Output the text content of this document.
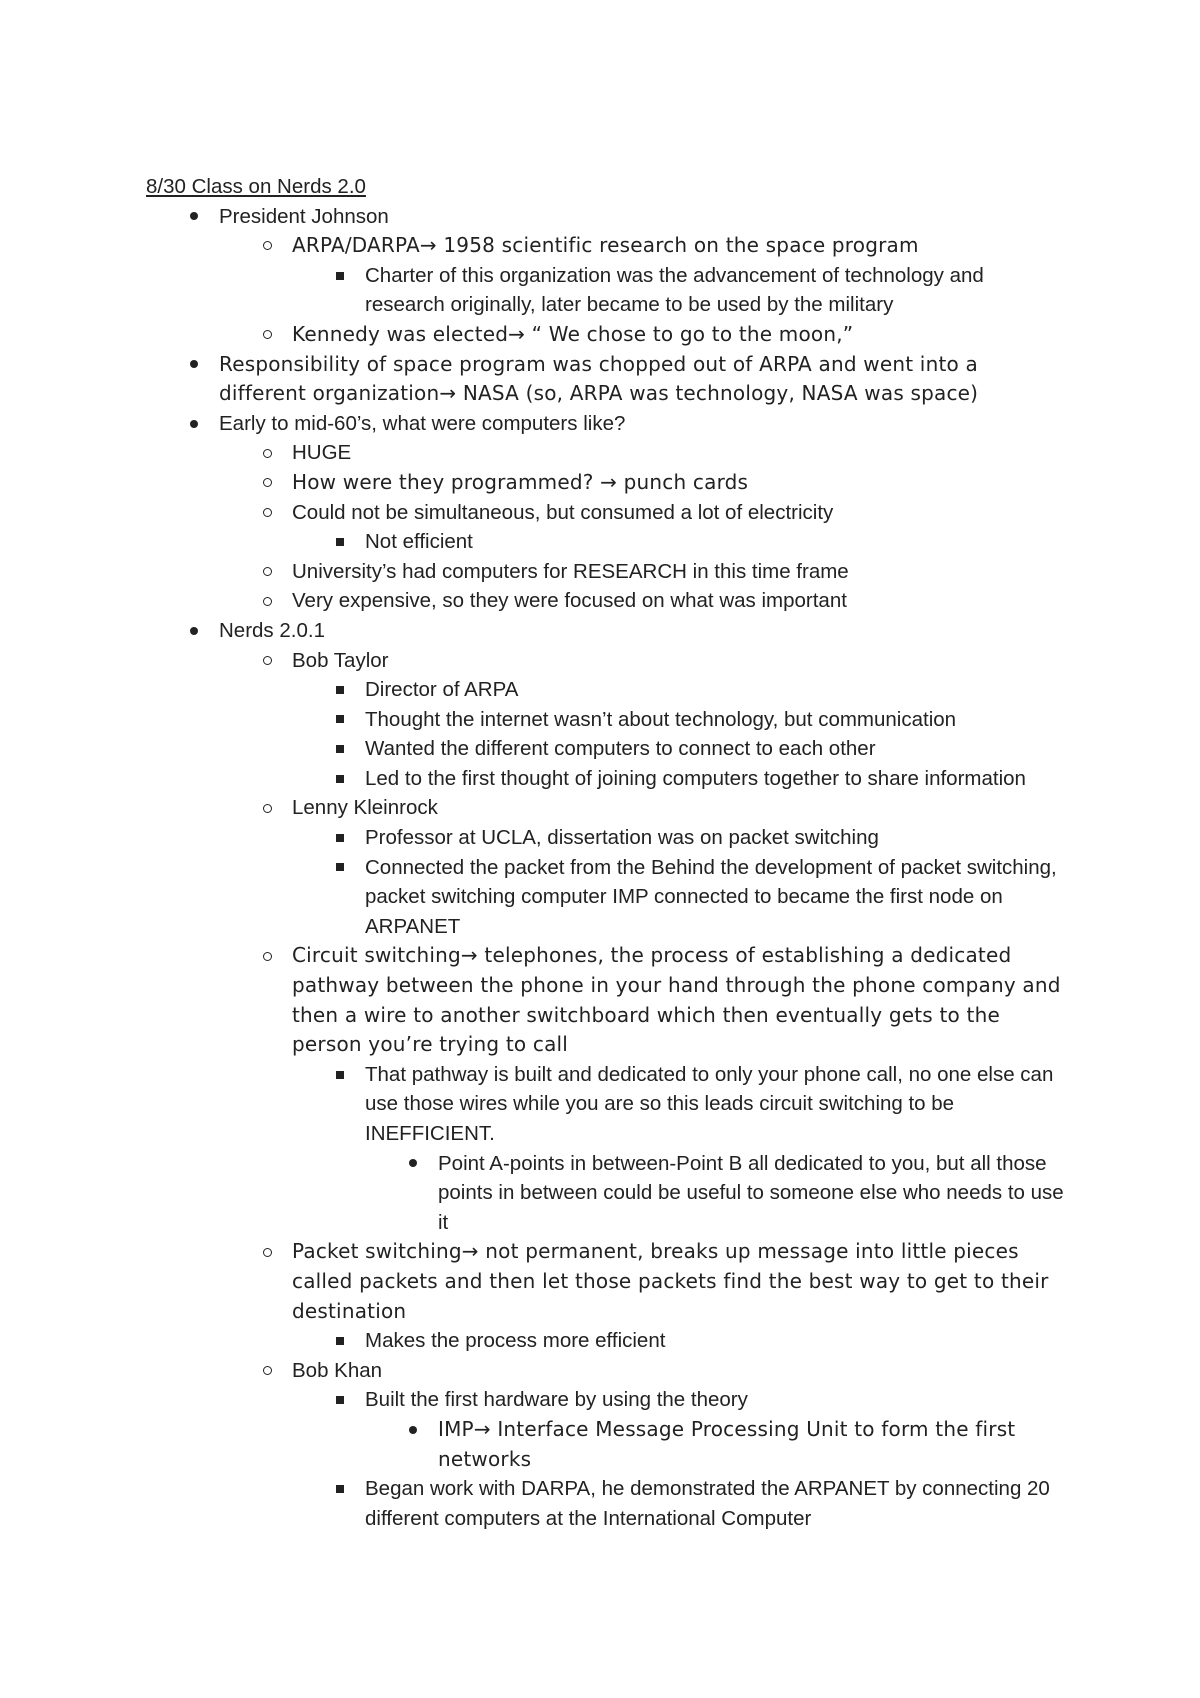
8/30 Class on Nerds 2.0

President Johnson

ARPA/DARPA→ 1958 scientific research on the space program

Charter of this organization was the advancement of technology and research originally, later became to be used by the military

Kennedy was elected→ “ We chose to go to the moon,”

Responsibility of space program was chopped out of ARPA and went into a different organization→ NASA (so, ARPA was technology, NASA was space)

Early to mid-60’s, what were computers like?

HUGE

How were they programmed? → punch cards

Could not be simultaneous, but consumed a lot of electricity

Not efficient

University’s had computers for RESEARCH in this time frame

Very expensive, so they were focused on what was important

Nerds 2.0.1

Bob Taylor

Director of ARPA

Thought the internet wasn’t about technology, but communication

Wanted the different computers to connect to each other

Led to the first thought of joining computers together to share information

Lenny Kleinrock

Professor at UCLA, dissertation was on packet switching

Connected the packet from the Behind the development of packet switching, packet switching computer IMP connected to became the first node on ARPANET

Circuit switching→ telephones, the process of establishing a dedicated pathway between the phone in your hand through the phone company and then a wire to another switchboard which then eventually gets to the person you’re trying to call

That pathway is built and dedicated to only your phone call, no one else can use those wires while you are so this leads circuit switching to be INEFFICIENT.

Point A-points in between-Point B all dedicated to you, but all those points in between could be useful to someone else who needs to use it

Packet switching→ not permanent, breaks up message into little pieces called packets and then let those packets find the best way to get to their destination

Makes the process more efficient

Bob Khan

Built the first hardware by using the theory

IMP→ Interface Message Processing Unit to form the first networks

Began work with DARPA, he demonstrated the ARPANET by connecting 20 different computers at the International Computer
